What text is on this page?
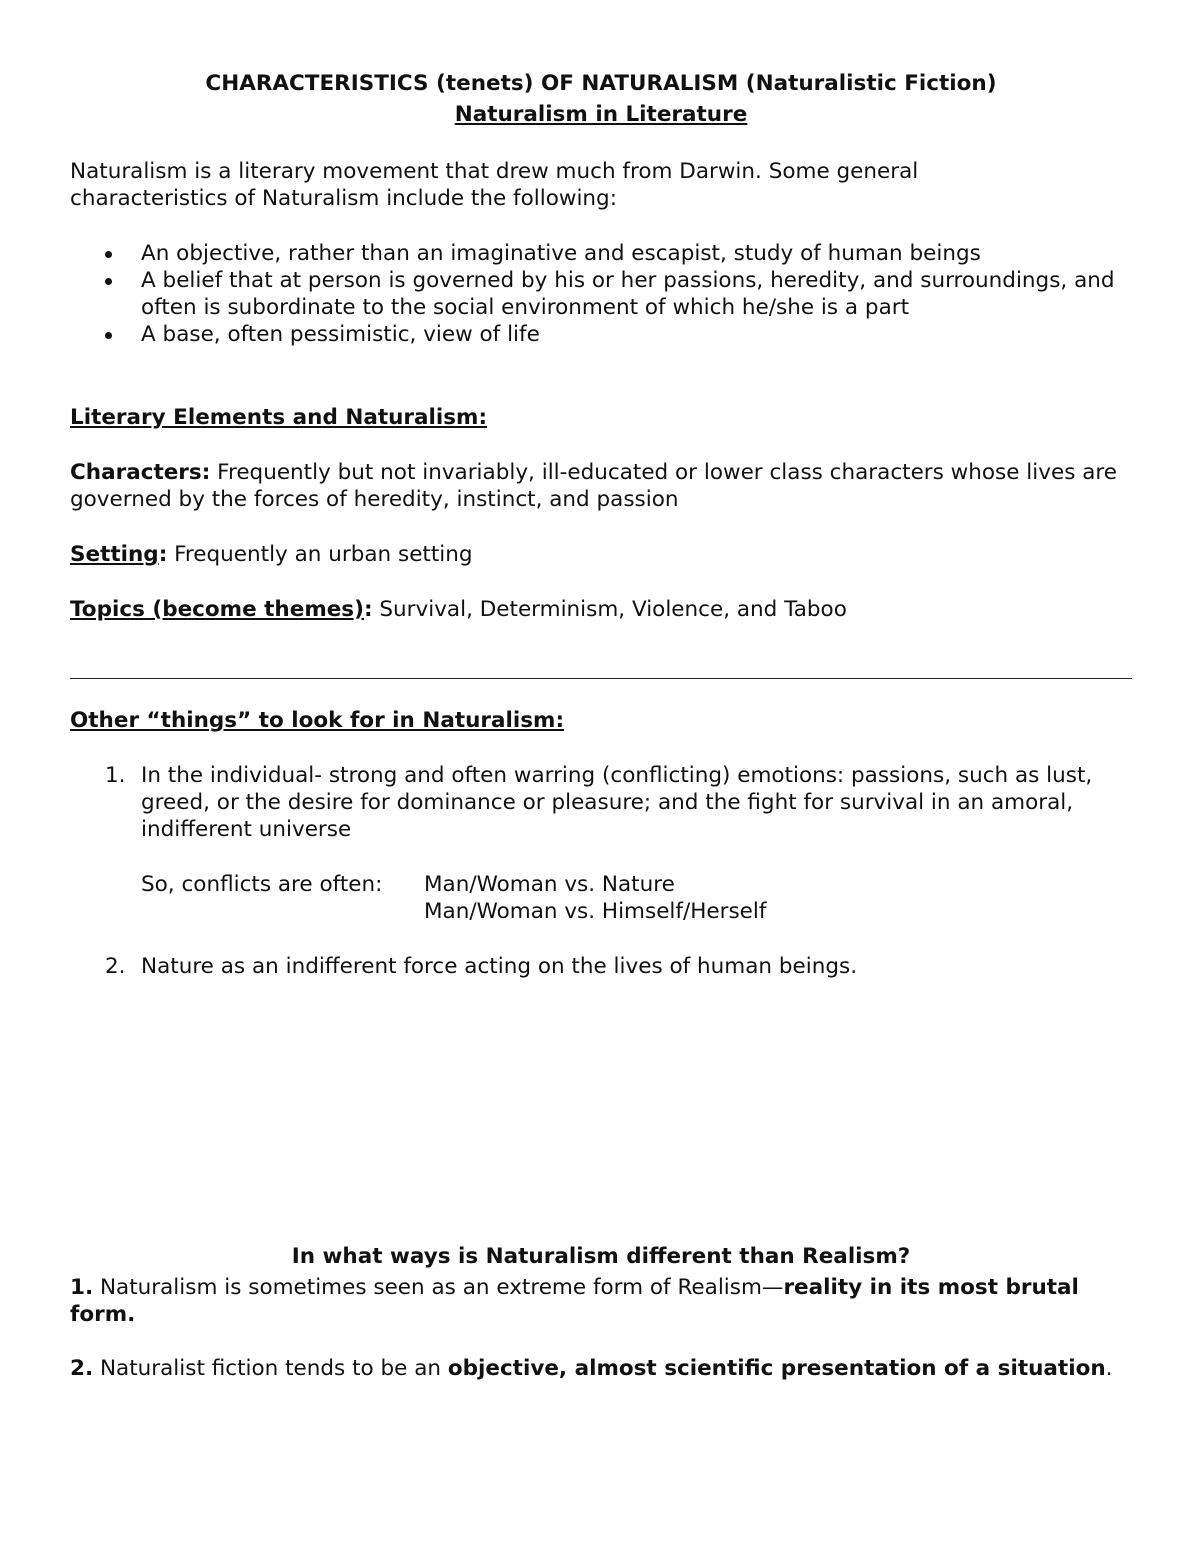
CHARACTERISTICS (tenets) OF NATURALISM (Naturalistic Fiction)

Naturalism in Literature

Naturalism is a literary movement that drew much from Darwin. Some general
characteristics of Naturalism include the following:

An objective, rather than an imaginative and escapist, study of human beings
A belief that at person is governed by his or her passions, heredity, and surroundings, and often is subordinate to the social environment of which he/she is a part
A base, often pessimistic, view of life

Literary Elements and Naturalism:

Characters: Frequently but not invariably, ill-educated or lower class characters whose lives are governed by the forces of heredity, instinct, and passion

Setting: Frequently an urban setting

Topics (become themes): Survival, Determinism, Violence, and Taboo

Other “things” to look for in Naturalism:

1. In the individual- strong and often warring (conflicting) emotions: passions, such as lust, greed, or the desire for dominance or pleasure; and the fight for survival in an amoral, indifferent universe
So, conflicts are often:	Man/Woman vs. Nature
Man/Woman vs. Himself/Herself
2. Nature as an indifferent force acting on the lives of human beings.

In what ways is Naturalism different than Realism?

1. Naturalism is sometimes seen as an extreme form of Realism—reality in its most brutal form.

2. Naturalist fiction tends to be an objective, almost scientific presentation of a situation.
